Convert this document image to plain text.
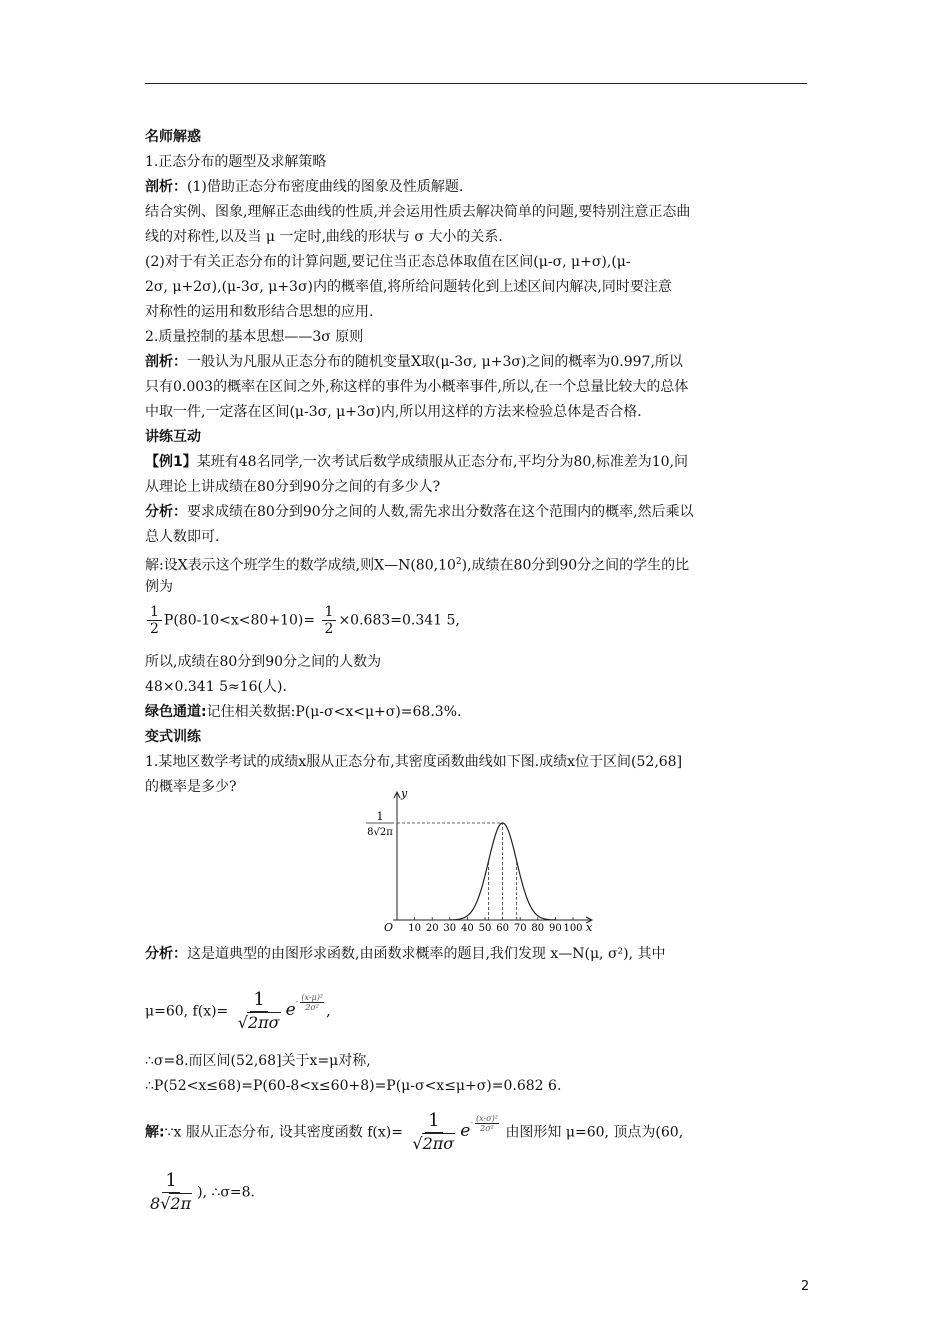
名师解惑
1.正态分布的题型及求解策略
剖析：(1)借助正态分布密度曲线的图象及性质解题.
结合实例、图象,理解正态曲线的性质,并会运用性质去解决简单的问题,要特别注意正态曲
线的对称性,以及当 μ 一定时,曲线的形状与 σ 大小的关系.
(2)对于有关正态分布的计算问题,要记住当正态总体取值在区间(μ-σ, μ+σ),(μ-
2σ, μ+2σ),(μ-3σ, μ+3σ)内的概率值,将所给问题转化到上述区间内解决,同时要注意
对称性的运用和数形结合思想的应用.
2.质量控制的基本思想——3σ 原则
剖析：一般认为凡服从正态分布的随机变量X取(μ-3σ, μ+3σ)之间的概率为0.997,所以
只有0.003的概率在区间之外,称这样的事件为小概率事件,所以,在一个总量比较大的总体
中取一件,一定落在区间(μ-3σ, μ+3σ)内,所以用这样的方法来检验总体是否合格.
讲练互动
【例1】某班有48名同学,一次考试后数学成绩服从正态分布,平均分为80,标准差为10,问
从理论上讲成绩在80分到90分之间的有多少人?
分析：要求成绩在80分到90分之间的人数,需先求出分数落在这个范围内的概率,然后乘以
总人数即可.
解:设X表示这个班学生的数学成绩,则X—N(80,10$^2$),成绩在80分到90分之间的学生的比
例为
$\frac{1}{2} P(80-10<x<80+10)= \frac{1}{2} \times 0.683=0.341$ 5,
所以,成绩在80分到90分之间的人数为
48×0.341 5≈16(人).
绿色通道:记住相关数据:P(μ-σ<x<μ+σ)=68.3%.
变式训练
1.某地区数学考试的成绩x服从正态分布,其密度函数曲线如下图.成绩x位于区间(52,68]
的概率是多少?
10 20 30 40 50 60 70 80 90 100
1
8√2π
y
x
O
分析：这是道典型的由图形求函数,由函数求概率的题目,我们发现 x—N(μ, σ²), 其中
μ=60, $f(x)= \frac{1}{√2\pi\sigma}$ e - $\frac{\text{(x-μ)²}}{\text{2σ²}}$ ,
∴σ=8.而区间(52,68]关于x=μ对称,
∴P(52<x≤68)=P(60-8<x≤60+8)=P(μ-σ<x≤μ+σ)=0.682 6.
解:∵x 服从正态分布, 设其密度函数 $f(x)= \frac{1}{√2\pi\sigma}$ e - $\frac{\text{(x-σ)²}}{\text{2σ²}}$ 由图形知 μ=60, 顶点为(60,
$\frac{1}{8√2\pi}$ ), ∴σ=8.
2
